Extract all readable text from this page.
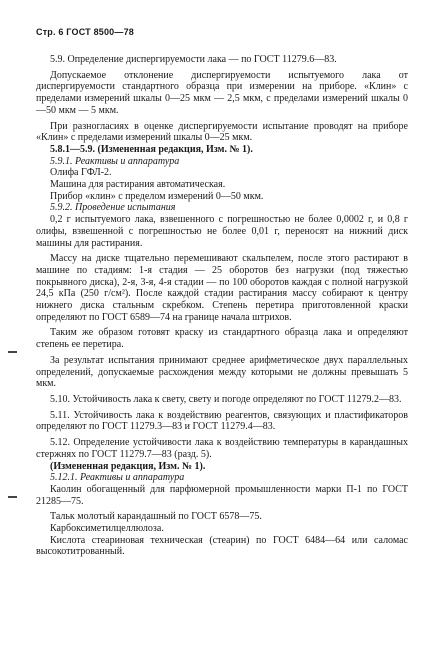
Стр. 6 ГОСТ 8500—78

5.9. Определение диспергируемости лака — по ГОСТ 11279.6—83.

Допускаемое отклонение диспергируемости испытуемого лака от диспергируемости стандартного образца при измерении на приборе. «Клин» с пределами измерений шкалы 0—25 мкм — 2,5 мкм, с пределами измерений шкалы 0—50 мкм — 5 мкм.

При разногласиях в оценке диспергируемости испытание проводят на приборе «Клин» с пределами измерений шкалы 0—25 мкм.

5.8.1—5.9. (Измененная редакция, Изм. № 1).

5.9.1. Реактивы и аппаратура

Олифа ГФЛ-2.

Машина для растирания автоматическая.

Прибор «клин» с пределом измерений 0—50 мкм.

5.9.2. Проведение испытания

0,2 г испытуемого лака, взвешенного с погрешностью не более 0,0002 г, и 0,8 г олифы, взвешенной с погрешностью не более 0,01 г, переносят на нижний диск машины для растирания.

Массу на диске тщательно перемешивают скальпелем, после этого растирают в машине по стадиям: 1-я стадия — 25 оборотов без нагрузки (под тяжестью покрывного диска), 2-я, 3-я, 4-я стадии — по 100 оборотов каждая с полной нагрузкой 24,5 кПа (250 г/см²). После каждой стадии растирания массу собирают к центру нижнего диска стальным скребком. Степень перетира приготовленной краски определяют по ГОСТ 6589—74 на границе начала штрихов.

Таким же образом готовят краску из стандартного образца лака и определяют степень ее перетира.

За результат испытания принимают среднее арифметическое двух параллельных определений, допускаемые расхождения между которыми не должны превышать 5 мкм.

5.10. Устойчивость лака к свету, свету и погоде определяют по ГОСТ 11279.2—83.

5.11. Устойчивость лака к воздействию реагентов, связующих и пластификаторов определяют по ГОСТ 11279.3—83 и ГОСТ 11279.4—83.

5.12. Определение устойчивости лака к воздействию температуры в карандашных стержнях по ГОСТ 11279.7—83 (разд. 5).

(Измененная редакция, Изм. № 1).

5.12.1. Реактивы и аппаратура

Каолин обогащенный для парфюмерной промышленности марки П-1 по ГОСТ 21285—75.

Тальк молотый карандашный по ГОСТ 6578—75.

Карбоксиметилцеллюлоза.

Кислота стеариновая техническая (стеарин) по ГОСТ 6484—64 или саломас высокотитрованный.
